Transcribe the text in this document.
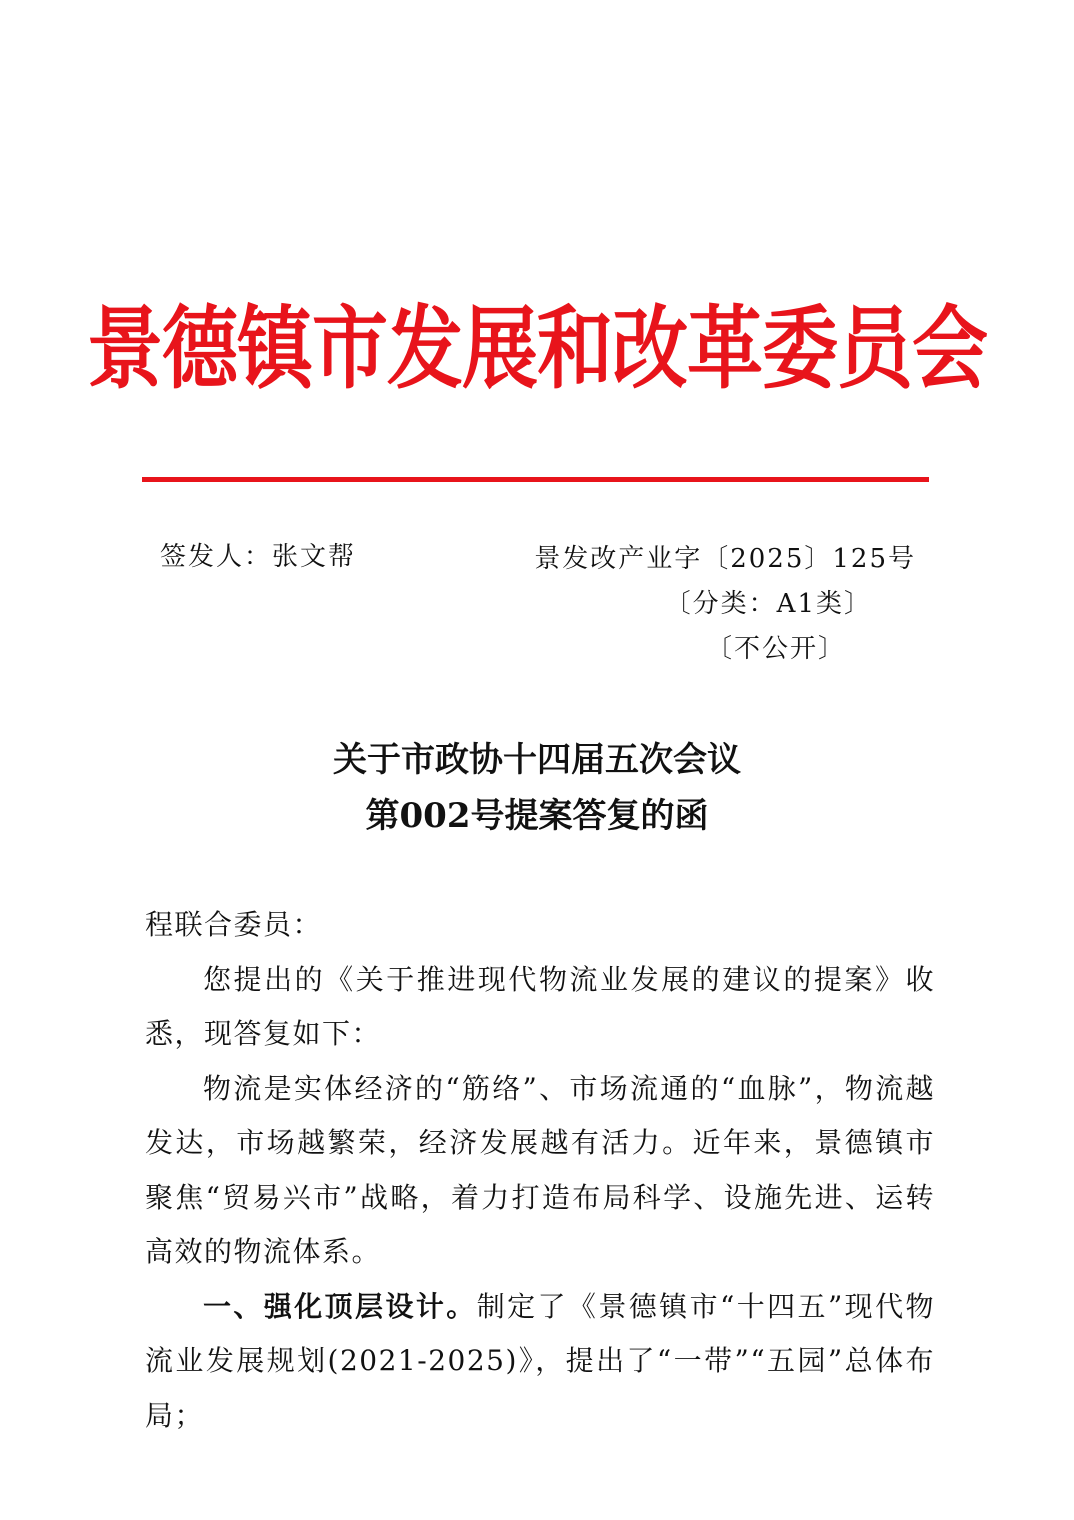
景德镇市发展和改革委员会
签发人：张文帮	景发改产业字〔2025〕125号
〔分类：A1类〕
〔不公开〕
关于市政协十四届五次会议
第002号提案答复的函

程联合委员：

您提出的《关于推进现代物流业发展的建议的提案》收悉，现答复如下：

物流是实体经济的“筋络”、市场流通的“血脉”，物流越发达，市场越繁荣，经济发展越有活力。近年来，景德镇市聚焦“贸易兴市”战略，着力打造布局科学、设施先进、运转高效的物流体系。

一、强化顶层设计。制定了《景德镇市“十四五”现代物流业发展规划(2021-2025)》，提出了“一带”“五园”总体布局；
